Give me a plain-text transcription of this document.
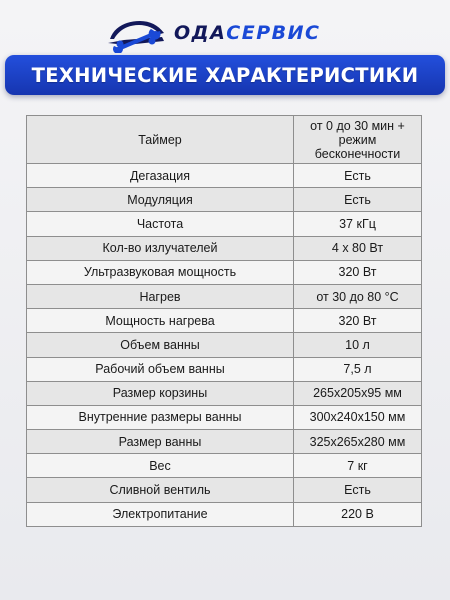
ОДАСЕРВИС
ТЕХНИЧЕСКИЕ ХАРАКТЕРИСТИКИ
Таймер	от 0 до 30 мин + режим бесконечности
Дегазация	Есть
Модуляция	Есть
Частота	37 кГц
Кол-во излучателей	4 х 80 Вт
Ультразвуковая мощность	320 Вт
Нагрев	от 30 до 80 °С
Мощность нагрева	320 Вт
Объем ванны	10 л
Рабочий объем ванны	7,5 л
Размер корзины	265х205х95 мм
Внутренние размеры ванны	300х240х150 мм
Размер ванны	325х265х280 мм
Вес	7 кг
Сливной вентиль	Есть
Электропитание	220 В
